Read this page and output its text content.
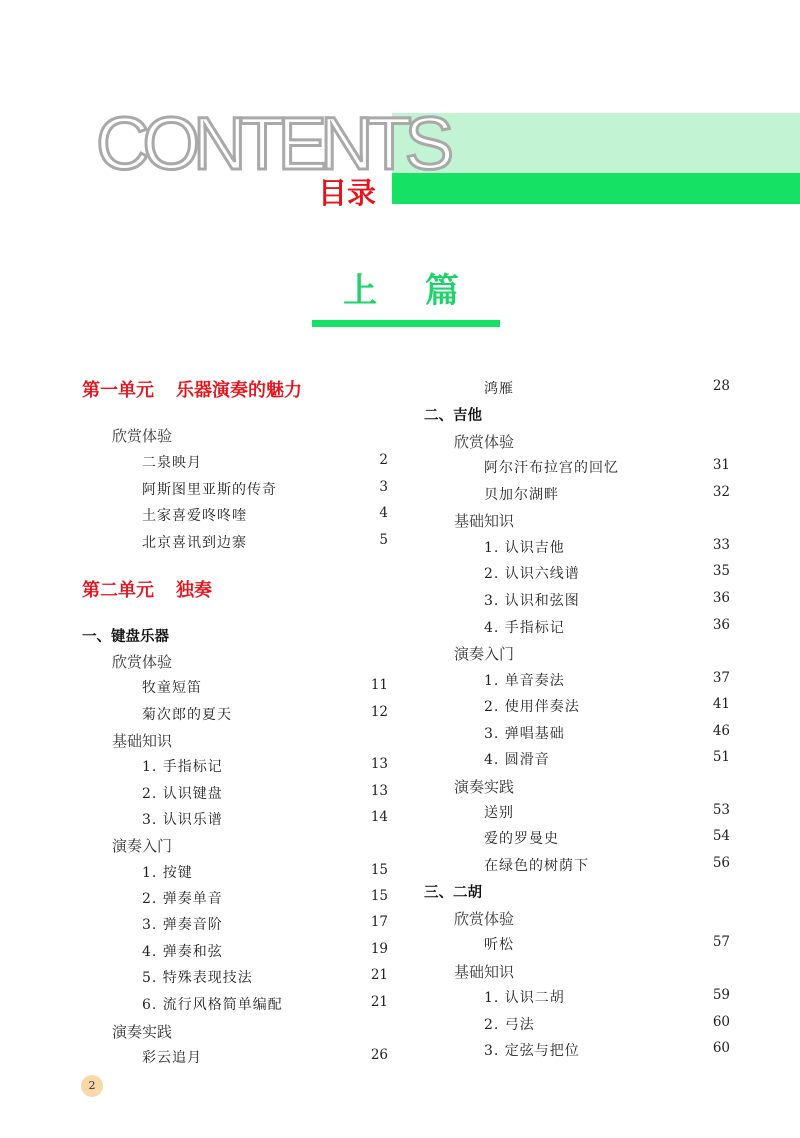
CONTENTS
目录
上 篇
第一单元 乐器演奏的魅力
欣赏体验
二泉映月	2
阿斯图里亚斯的传奇	3
土家喜爱咚咚喹	4
北京喜讯到边寨	5
第二单元 独奏
一、键盘乐器
欣赏体验
牧童短笛	11
菊次郎的夏天	12
基础知识
1. 手指标记	13
2. 认识键盘	13
3. 认识乐谱	14
演奏入门
1. 按键	15
2. 弹奏单音	15
3. 弹奏音阶	17
4. 弹奏和弦	19
5. 特殊表现技法	21
6. 流行风格简单编配	21
演奏实践
彩云追月	26
鸿雁	28
二、吉他
欣赏体验
阿尔汗布拉宫的回忆	31
贝加尔湖畔	32
基础知识
1. 认识吉他	33
2. 认识六线谱	35
3. 认识和弦图	36
4. 手指标记	36
演奏入门
1. 单音奏法	37
2. 使用伴奏法	41
3. 弹唱基础	46
4. 圆滑音	51
演奏实践
送别	53
爱的罗曼史	54
在绿色的树荫下	56
三、二胡
欣赏体验
听松	57
基础知识
1. 认识二胡	59
2. 弓法	60
3. 定弦与把位	60
2
